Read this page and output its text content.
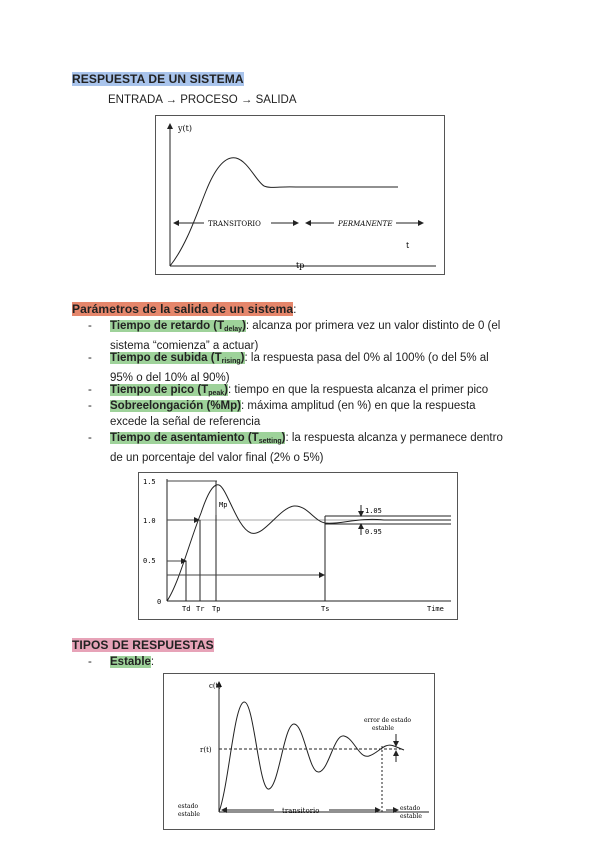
RESPUESTA DE UN SISTEMA
ENTRADA → PROCESO → SALIDA
y(t)
t
tp
TRANSITORIO	PERMANENTE
Parámetros de la salida de un sistema:
- Tiempo de retardo $(T_{delay})$: alcanza por primera vez un valor distinto de 0 (el
sistema “comienza” a actuar)
- Tiempo de subida $(T_{rising})$: la respuesta pasa del 0% al 100% (o del 5% al
95% o del 10% al 90%)
- Tiempo de pico $(T_{peak})$: tiempo en que la respuesta alcanza el primer pico
- Sobreelongación (%Mp): máxima amplitud (en %) en que la respuesta
excede la señal de referencia
- Tiempo de asentamiento $(T_{setting})$: la respuesta alcanza y permanece dentro
de un porcentaje del valor final (2% o 5%)
1.5
1.0
0.5
0
Mp
1.05
0.95
Td Tr Tp	Ts	Time
TIPOS DE RESPUESTAS
- Estable:
c(t)
r(t)
error de estado
estable
estado
estable	transitorio	estado
estable
